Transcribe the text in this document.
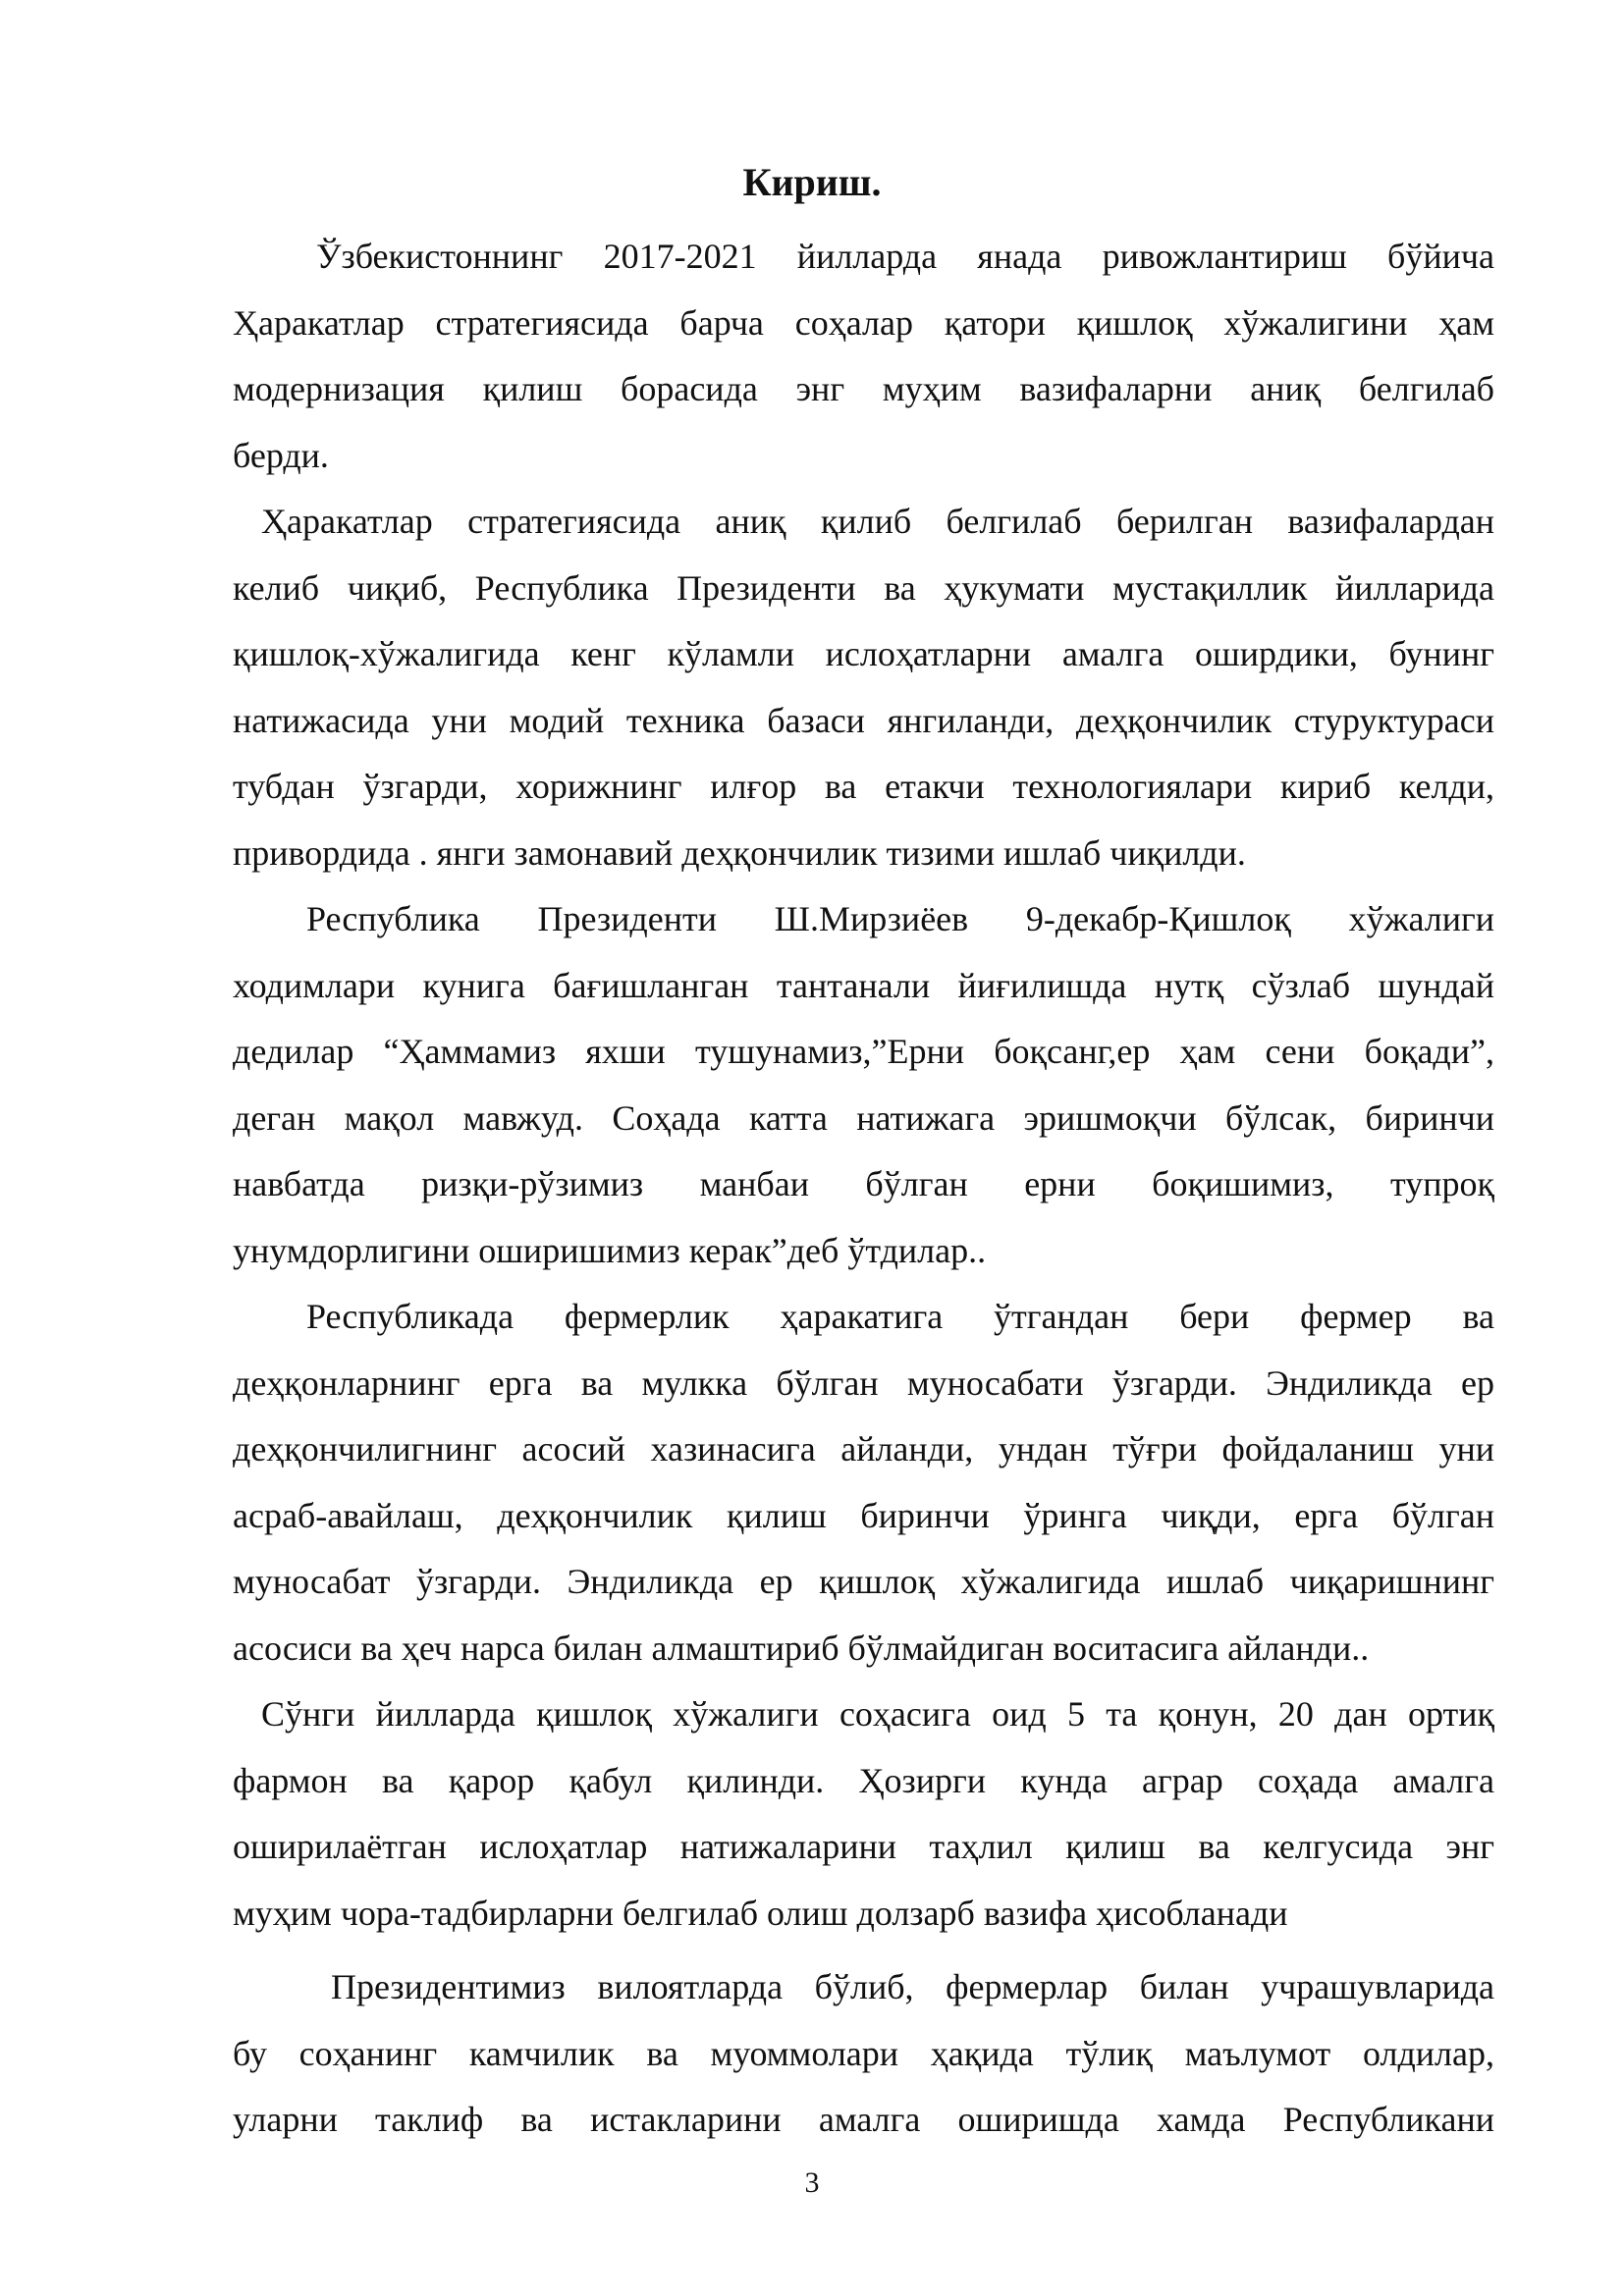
Кириш.

Ўзбекистоннинг 2017-2021 йилларда янада ривожлантириш бўйича
Ҳаракатлар стратегиясида барча соҳалар қатори қишлоқ хўжалигини ҳам
модернизация қилиш борасида энг муҳим вазифаларни аниқ белгилаб
берди.

Ҳаракатлар стратегиясида аниқ қилиб белгилаб берилган вазифалардан
келиб чиқиб, Республика Президенти ва ҳукумати мустақиллик йилларида
қишлоқ-хўжалигида кенг кўламли ислоҳатларни амалга оширдики, бунинг
натижасида уни модий техника базаси янгиланди, деҳқончилик стуруктураси
тубдан ўзгарди, хорижнинг илғор ва етакчи технологиялари кириб келди,
привордида . янги замонавий деҳқончилик тизими ишлаб чиқилди.

Республика Президенти Ш.Мирзиёев 9-декабр-Қишлоқ хўжалиги
ходимлари кунига бағишланган тантанали йиғилишда нутқ сўзлаб шундай
дедилар “Ҳаммамиз яхши тушунамиз,”Ерни боқсанг,ер ҳам сени боқади”,
деган мақол мавжуд. Соҳада катта натижага эришмоқчи бўлсак, биринчи
навбатда ризқи-рўзимиз манбаи бўлган ерни боқишимиз, тупроқ
унумдорлигини оширишимиз керак”деб ўтдилар..

Республикада фермерлик ҳаракатига ўтгандан бери фермер ва
деҳқонларнинг ерга ва мулкка бўлган муносабати ўзгарди. Эндиликда ер
деҳқончилигнинг асосий хазинасига айланди, ундан тўғри фойдаланиш уни
асраб-авайлаш, деҳқончилик қилиш биринчи ўринга чиқди, ерга бўлган
муносабат ўзгарди. Эндиликда ер қишлоқ хўжалигида ишлаб чиқаришнинг
асосиси ва ҳеч нарса билан алмаштириб бўлмайдиган воситасига айланди..

Сўнги йилларда қишлоқ хўжалиги соҳасига оид 5 та қонун, 20 дан ортиқ
фармон ва қарор қабул қилинди. Ҳозирги кунда аграр соҳада амалга
оширилаётган ислоҳатлар натижаларини таҳлил қилиш ва келгусида энг
муҳим чора-тадбирларни белгилаб олиш долзарб вазифа ҳисобланади

Президентимиз вилоятларда бўлиб, фермерлар билан учрашувларида
бу соҳанинг камчилик ва муоммолари ҳақида тўлиқ маълумот олдилар,
уларни таклиф ва истакларини амалга оширишда хамда Республикани

3
